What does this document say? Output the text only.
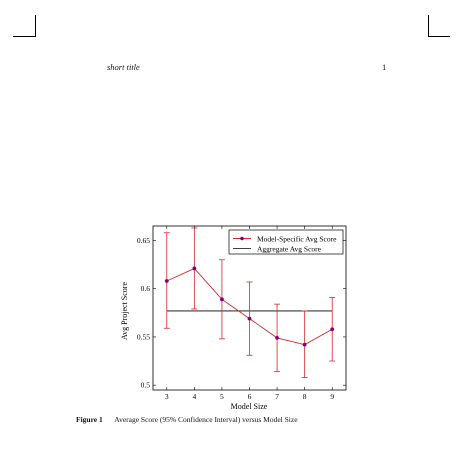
short title	1
3	4	5	6	7	8	9
0.5
0.55
0.6
0.65
Model Size
Avg Project Score
Model-Specific Avg Score
Aggregate Avg Score
Figure 1 Average Score (95% Confidence Interval) versus Model Size
